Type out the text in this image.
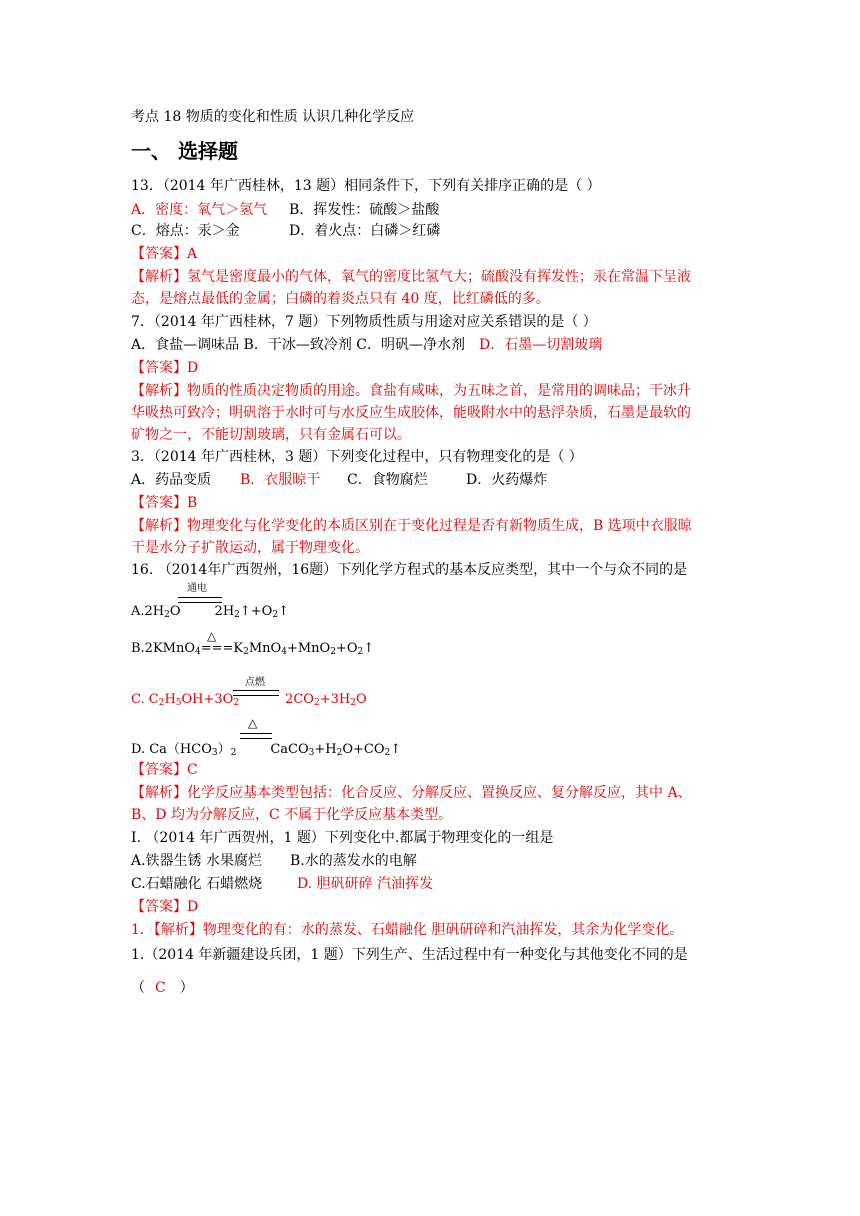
考点 18 物质的变化和性质 认识几种化学反应
一、 选择题
13．（2014 年广西桂林，13 题）相同条件下，下列有关排序正确的是（ ）
A．密度：氧气＞氢气 B．挥发性：硫酸＞盐酸
C．熔点：汞＞金	D．着火点：白磷＞红磷
【答案】A
【解析】氢气是密度最小的气体，氧气的密度比氢气大；硫酸没有挥发性；汞在常温下呈液
态，是熔点最低的金属；白磷的着炎点只有 40 度，比红磷低的多。
7．（2014 年广西桂林，7 题）下列物质性质与用途对应关系错误的是（ ）
A．食盐—调味品 B．干冰—致冷剂 C．明矾—净水剂 D．石墨—切割玻璃
【答案】D
【解析】物质的性质决定物质的用途。食盐有咸味，为五味之首，是常用的调味品；干冰升
华吸热可致冷；明矾溶于水时可与水反应生成胶体，能吸附水中的悬浮杂质，石墨是最软的
矿物之一，不能切割玻璃，只有金属石可以。
3．（2014 年广西桂林，3 题）下列变化过程中，只有物理变化的是（ ）
A．药品变质 B．衣服晾干 C．食物腐烂	D．火药爆炸
【答案】B
【解析】物理变化与化学变化的本质区别在于变化过程是否有新物质生成，B 选项中衣服晾
干是水分子扩散运动，属于物理变化。
16. （2014年广西贺州，16题）下列化学方程式的基本反应类型，其中一个与众不同的是
通电
$A.2H_2O$	$2H_2↑+O_2↑$
△
$B.2KMnO_4===K_2MnO_4+MnO_2+O_2↑$
点燃
C. $C_2H_5OH+3O_2$	$2CO_2+3H_2O$
△
D. $Ca(HCO_3)_2$	$CaCO_3+H_2O+CO_2↑$
【答案】C
【解析】化学反应基本类型包括：化合反应、分解反应、置换反应、复分解反应，其中 A、
B、D 均为分解反应，C 不属于化学反应基本类型。
I. （2014 年广西贺州，1 题）下列变化中.都属于物理变化的一组是
A.铁器生锈 水果腐烂 B.水的蒸发水的电解
C.石蜡融化 石蜡燃烧 D. 胆矾研碎 汽油挥发
【答案】D
1．【解析】物理变化的有：水的蒸发、石蜡融化 胆矾研碎和汽油挥发，其余为化学变化。
1.（2014 年新疆建设兵团，1 题）下列生产、生活过程中有一种变化与其他变化不同的是
（ C ）
